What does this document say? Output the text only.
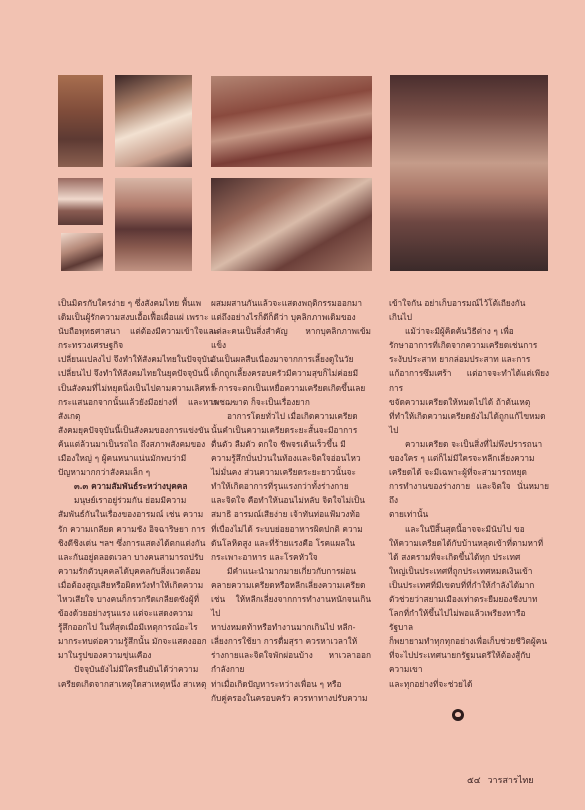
เป็นมิตรกับใครง่าย ๆ ซึ่งสังคมไทย พื้นเพ

เดิมเป็นผู้รักความสงบเอื้อเฟื้อเผื่อแผ่ เพราะ

นับถือพุทธศาสนา แต่ต้องมีความเข้าใจและกระทรวงเศรษฐกิจ

เปลี่ยนแปลงไป จึงทำให้สังคมไทยในปัจจุบัน

เปลี่ยนไป จึงทำให้สังคมไทยในยุคปัจจุบันนี้

เป็นสังคมที่ไม่หยุดนิ่งเป็นไปตามความเลิศหา-

กระแสนอกจากนั้นแล้วยังมีอย่างที่ และหากสังเกตุ

สังคมยุคปัจจุบันนี้เป็นสังคมของการแข่งขัน

ค้นแต่ล้วนมาเป็นรถไถ ถึงสภาพสังคมของ

เมืองใหญ่ ๆ ผู้คนหนาแน่นมักพบว่ามี

ปัญหามากกว่าสังคมเล็ก ๆ

๓.๓ ความสัมพันธ์ระหว่างบุคคล

มนุษย์เราอยู่ร่วมกัน ย่อมมีความ

สัมพันธ์กันในเรื่องของอารมณ์ เช่น ความ

รัก ความเกลียด ความชัง อิจฉาริษยา การ

ชิงดีชิงเด่น ฯลฯ ซึ่งการแสดงได้ตกแต่งกัน

และกันอยู่ตลอดเวลา บางคนสามารถปรับ

ความรักตัวบุคคลได้บุคคลกับสิ่งแวดล้อม

เมื่อต้องสูญเสียหรือผิดหวังทำให้เกิดความ

ไหวเสียใจ บางคนก็กรวกรีดเกลียดชังผู้ที่

ข้องด้วยอย่างรุนแรง แต่จะแสดงความ

รู้สึกออกไป ในที่สุดเมื่อมีเหตุการณ์อะไร

มากระทบต่อความรู้สึกนั้น มักจะแสดงออก

มาในรูปของความขุ่นเคือง

ปัจจุบันยังไม่มีใครยืนยันได้ว่าความ

เครียดเกิดจากสาเหตุใดสาเหตุหนึ่ง สาเหตุ

ผสมผสานกันแล้วจะแสดงพฤติกรรมออกมา

แต่ถึงอย่างไรก็ดีก็ดีว่า บุคลิกภาพเดิมของ

แต่ละคนเป็นสิ่งสำคัญ หากบุคลิกภาพเข้มแข็ง

อันเป็นผลสืบเนื่องมาจากการเลี้ยงดูในวัย

เด็กถูกเลี้ยงครอบครัวมีความสุขก็ไม่ค่อยมี

ก็ การจะตกเป็นเหยื่อความเครียดเกิดขึ้นเลย

เพชฌฆาต ก็จะเป็นเรื่องยาก

อาการโดยทั่วไป เมื่อเกิดความเครียด

นั้นคำเป็นความเครียดระยะสั้นจะมีอาการ

ตื่นตัว ลืมตัว ตกใจ ชีพจรเต้นเร็วขึ้น มี

ความรู้สึกบั่นป่วนในท้องและจิตใจอ่อนไหว

ไม่มั่นคง ส่วนความเครียดระยะยาวนั้นจะ

ทำให้เกิดอาการที่รุนแรงกว่าทั้งร่างกาย

และจิตใจ คือทำให้นอนไม่หลับ จิตใจไม่เป็น

สมาธิ อารมณ์เสียง่าย เจ้าทันท่อแฟ้มวงท้อ

ที่เบื่องไม่ได้ ระบบย่อยอาหารผิดปกติ ความ

ดันโลหิตสูง และที่ร้ายแรงคือ โรคแผลใน

กระเพาะอาหาร และโรคหัวใจ

มีคำแนะนำมากมายเกี่ยวกับการผ่อน

คลายความเครียดหรือหลีกเลี่ยงความเครียด

เช่น ให้หลีกเลี่ยงจากการทำงานหนักจนเกินไป

หาบ่งหมดท้าหรือทำงานมากเกินไป หลีก-

เลี่ยงการใช้ยา การดื่มสุรา ควรหาเวลาให้

ร่างกายและจิตใจพักผ่อนบ้าง หาเวลาออกกำลังกาย

ท่าเมื่อเกิดปัญหาระหว่างเพื่อน ๆ หรือ

กับคู่ครองในครอบครัว ควรหาทางปรับความ

เข้าใจกัน อย่าเก็บอารมณ์ไว้โต้เถียงกัน

เกินไป

แม้ว่าจะมีผู้คิดค้นวิธีต่าง ๆ เพื่อ

รักษาอาการที่เกิดจากความเครียดเช่นการ

ระงับประสาท ยากล่อมประสาท และการ

แก้อาการซึมเศร้า แต่อาจจะทำได้แต่เพียงการ

ขจัดความเครียดให้หมดไปได้ ถ้าต้นเหตุ

ที่ทำให้เกิดความเครียดยังไม่ได้ถูกแก้ไขหมด

ไป

ความเครียด จะเป็นสิ่งที่ไม่พึงปรารถนา

ของใคร ๆ แต่ก็ไม่มีใครจะหลีกเลี่ยงความ

เครียดได้ จะมีเฉพาะผู้ที่จะสามารถหยุด

การทำงานของร่างกาย และจิตใจ นั่นหมายถึง

ตายเท่านั้น

และในปีสิ้นสุดนี้อาจจะมีนับไป ขอ

ให้ความเครียดได้กับบ้านหลุดเข้าที่ตามหาที่

ได้ สงครามที่จะเกิดขึ้นได้ทุก ประเทศ

ใหญ่เป็นประเทศที่ถูกประเทศหมดเงินเข้า

เป็นประเทศที่มีเขตบที่ที่กำให้กำลังได้มาก

ตัวช่วยว่าสยามเมืองเท่าตระยืมยองชีงบาท

โลกที่กำให้ขึ้นไปไม่พอแล้วเพรียงหารือ รัฐบาล

ก็พยายามทำทุกทุกอย่างเพื่อเก็บช่วยชีวิตผู้คน

ที่จะไปประเทศนายกรัฐมนตรีให้ต้องสู้กับความเขา

และทุกอย่างที่จะช่วยได้

๕๔ วารสารไทย
